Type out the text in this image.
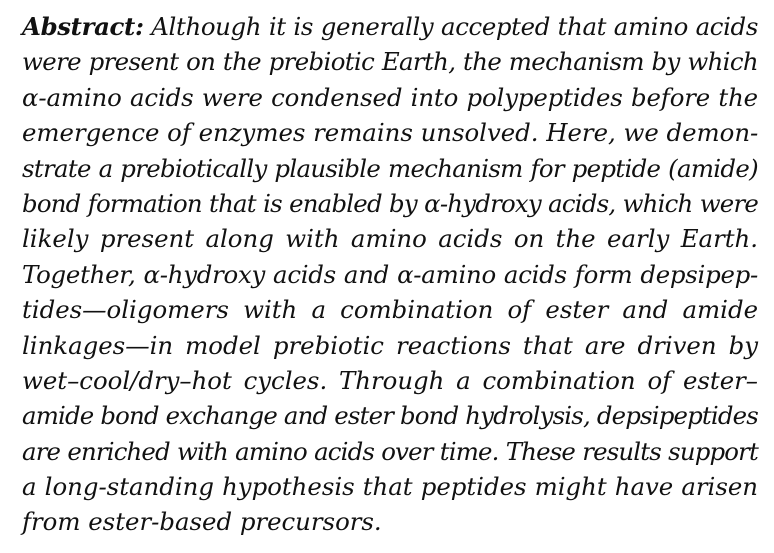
Abstract: Although it is generally accepted that amino acids
were present on the prebiotic Earth, the mechanism by which
α-amino acids were condensed into polypeptides before the
emergence of enzymes remains unsolved. Here, we demon-
strate a prebiotically plausible mechanism for peptide (amide)
bond formation that is enabled by α-hydroxy acids, which were
likely present along with amino acids on the early Earth.
Together, α-hydroxy acids and α-amino acids form depsipep-
tides—oligomers with a combination of ester and amide
linkages—in model prebiotic reactions that are driven by
wet–cool/dry–hot cycles. Through a combination of ester–
amide bond exchange and ester bond hydrolysis, depsipeptides
are enriched with amino acids over time. These results support
a long-standing hypothesis that peptides might have arisen
from ester-based precursors.
